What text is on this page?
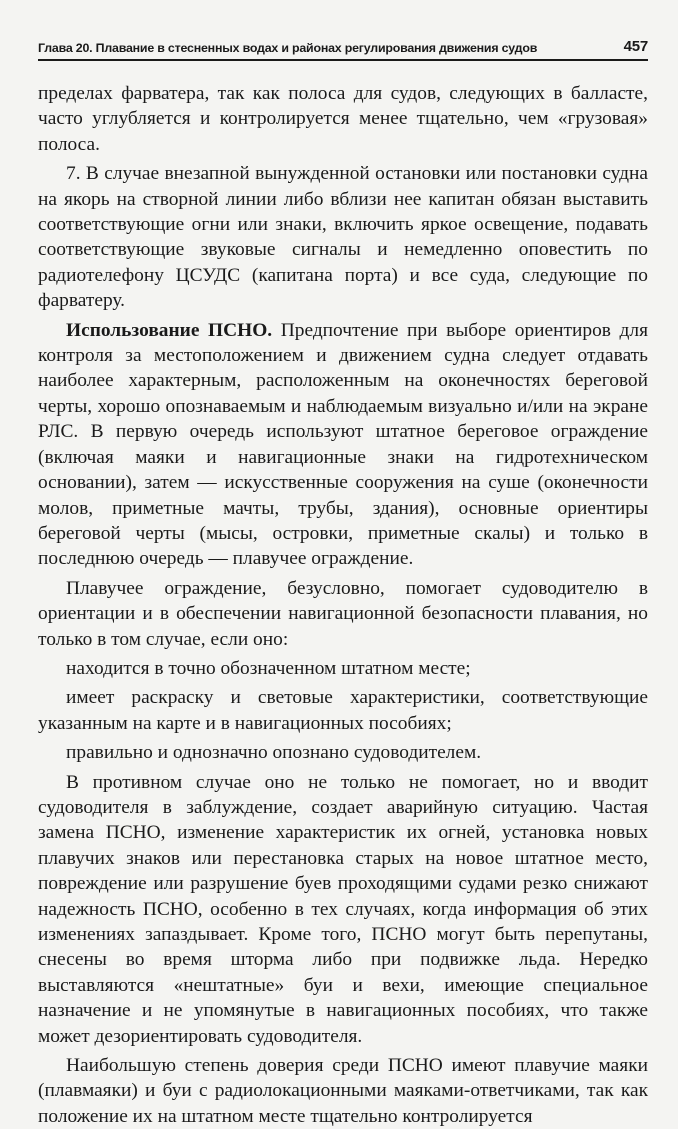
Глава 20. Плавание в стесненных водах и районах регулирования движения судов	457

пределах фарватера, так как полоса для судов, следующих в балласте, часто углубляется и контролируется менее тщательно, чем «грузовая» полоса.

7. В случае внезапной вынужденной остановки или постановки судна на якорь на створной линии либо вблизи нее капитан обязан выставить соответствующие огни или знаки, включить яркое освещение, подавать соответствующие звуковые сигналы и немедленно оповестить по радиотелефону ЦСУДС (капитана порта) и все суда, следующие по фарватеру.

Использование ПСНО. Предпочтение при выборе ориентиров для контроля за местоположением и движением судна следует отдавать наиболее характерным, расположенным на оконечностях береговой черты, хорошо опознаваемым и наблюдаемым визуально и/или на экране РЛС. В первую очередь используют штатное береговое ограждение (включая маяки и навигационные знаки на гидротехническом основании), затем — искусственные сооружения на суше (оконечности молов, приметные мачты, трубы, здания), основные ориентиры береговой черты (мысы, островки, приметные скалы) и только в последнюю очередь — плавучее ограждение.

Плавучее ограждение, безусловно, помогает судоводителю в ориентации и в обеспечении навигационной безопасности плавания, но только в том случае, если оно:

находится в точно обозначенном штатном месте;

имеет раскраску и световые характеристики, соответствующие указанным на карте и в навигационных пособиях;

правильно и однозначно опознано судоводителем.

В противном случае оно не только не помогает, но и вводит судоводителя в заблуждение, создает аварийную ситуацию. Частая замена ПСНО, изменение характеристик их огней, установка новых плавучих знаков или перестановка старых на новое штатное место, повреждение или разрушение буев проходящими судами резко снижают надежность ПСНО, особенно в тех случаях, когда информация об этих изменениях запаздывает. Кроме того, ПСНО могут быть перепутаны, снесены во время шторма либо при подвижке льда. Нередко выставляются «нештатные» буи и вехи, имеющие специальное назначение и не упомянутые в навигационных пособиях, что также может дезориентировать судоводителя.

Наибольшую степень доверия среди ПСНО имеют плавучие маяки (плавмаяки) и буи с радиолокационными маяками-ответчиками, так как положение их на штатном месте тщательно контролируется
